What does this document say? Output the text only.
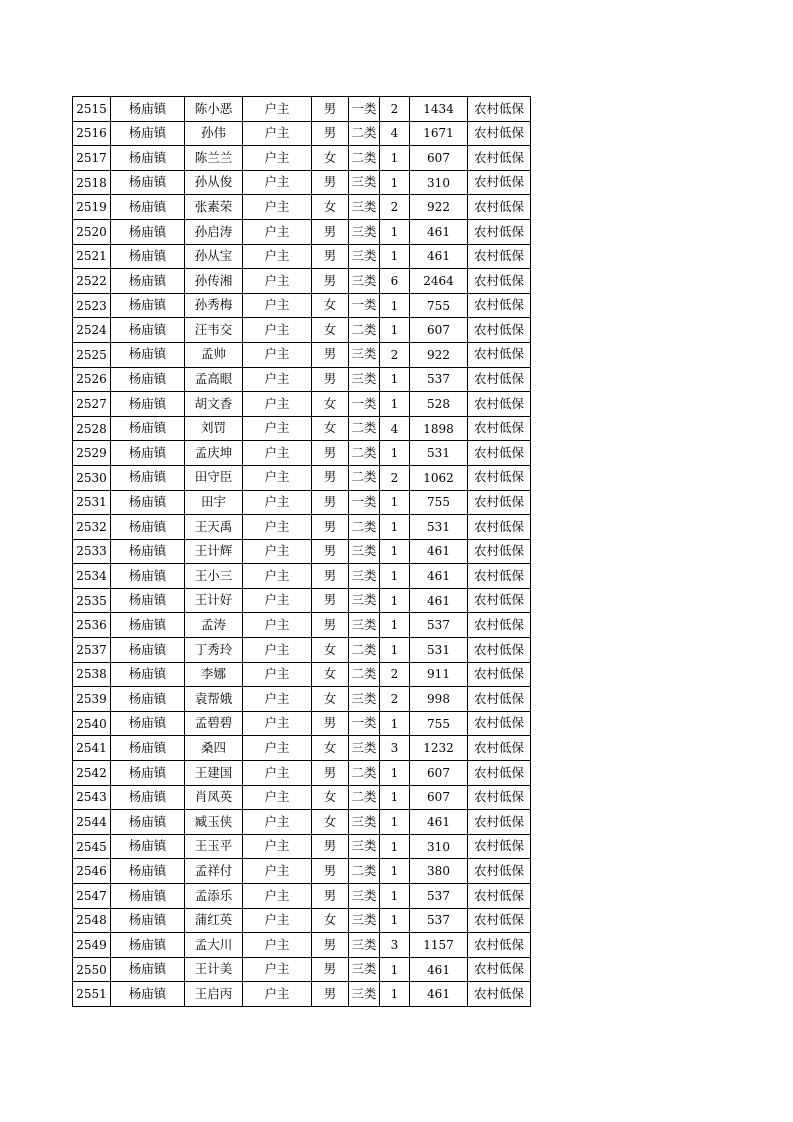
2515	杨庙镇	陈小恶	户主	男	一类	2	1434	农村低保
2516	杨庙镇	孙伟	户主	男	二类	4	1671	农村低保
2517	杨庙镇	陈兰兰	户主	女	二类	1	607	农村低保
2518	杨庙镇	孙从俊	户主	男	三类	1	310	农村低保
2519	杨庙镇	张素荣	户主	女	三类	2	922	农村低保
2520	杨庙镇	孙启涛	户主	男	三类	1	461	农村低保
2521	杨庙镇	孙从宝	户主	男	三类	1	461	农村低保
2522	杨庙镇	孙传湘	户主	男	三类	6	2464	农村低保
2523	杨庙镇	孙秀梅	户主	女	一类	1	755	农村低保
2524	杨庙镇	汪韦交	户主	女	二类	1	607	农村低保
2525	杨庙镇	孟帅	户主	男	三类	2	922	农村低保
2526	杨庙镇	孟高眼	户主	男	三类	1	537	农村低保
2527	杨庙镇	胡文香	户主	女	一类	1	528	农村低保
2528	杨庙镇	刘罚	户主	女	二类	4	1898	农村低保
2529	杨庙镇	孟庆坤	户主	男	二类	1	531	农村低保
2530	杨庙镇	田守臣	户主	男	二类	2	1062	农村低保
2531	杨庙镇	田宇	户主	男	一类	1	755	农村低保
2532	杨庙镇	王天禹	户主	男	二类	1	531	农村低保
2533	杨庙镇	王计辉	户主	男	三类	1	461	农村低保
2534	杨庙镇	王小三	户主	男	三类	1	461	农村低保
2535	杨庙镇	王计好	户主	男	三类	1	461	农村低保
2536	杨庙镇	孟涛	户主	男	三类	1	537	农村低保
2537	杨庙镇	丁秀玲	户主	女	二类	1	531	农村低保
2538	杨庙镇	李娜	户主	女	二类	2	911	农村低保
2539	杨庙镇	袁帮娥	户主	女	三类	2	998	农村低保
2540	杨庙镇	孟碧碧	户主	男	一类	1	755	农村低保
2541	杨庙镇	桑四	户主	女	三类	3	1232	农村低保
2542	杨庙镇	王建国	户主	男	二类	1	607	农村低保
2543	杨庙镇	肖凤英	户主	女	二类	1	607	农村低保
2544	杨庙镇	臧玉侠	户主	女	三类	1	461	农村低保
2545	杨庙镇	王玉平	户主	男	三类	1	310	农村低保
2546	杨庙镇	孟祥付	户主	男	二类	1	380	农村低保
2547	杨庙镇	孟添乐	户主	男	三类	1	537	农村低保
2548	杨庙镇	蒲红英	户主	女	三类	1	537	农村低保
2549	杨庙镇	孟大川	户主	男	三类	3	1157	农村低保
2550	杨庙镇	王计美	户主	男	三类	1	461	农村低保
2551	杨庙镇	王启丙	户主	男	三类	1	461	农村低保
